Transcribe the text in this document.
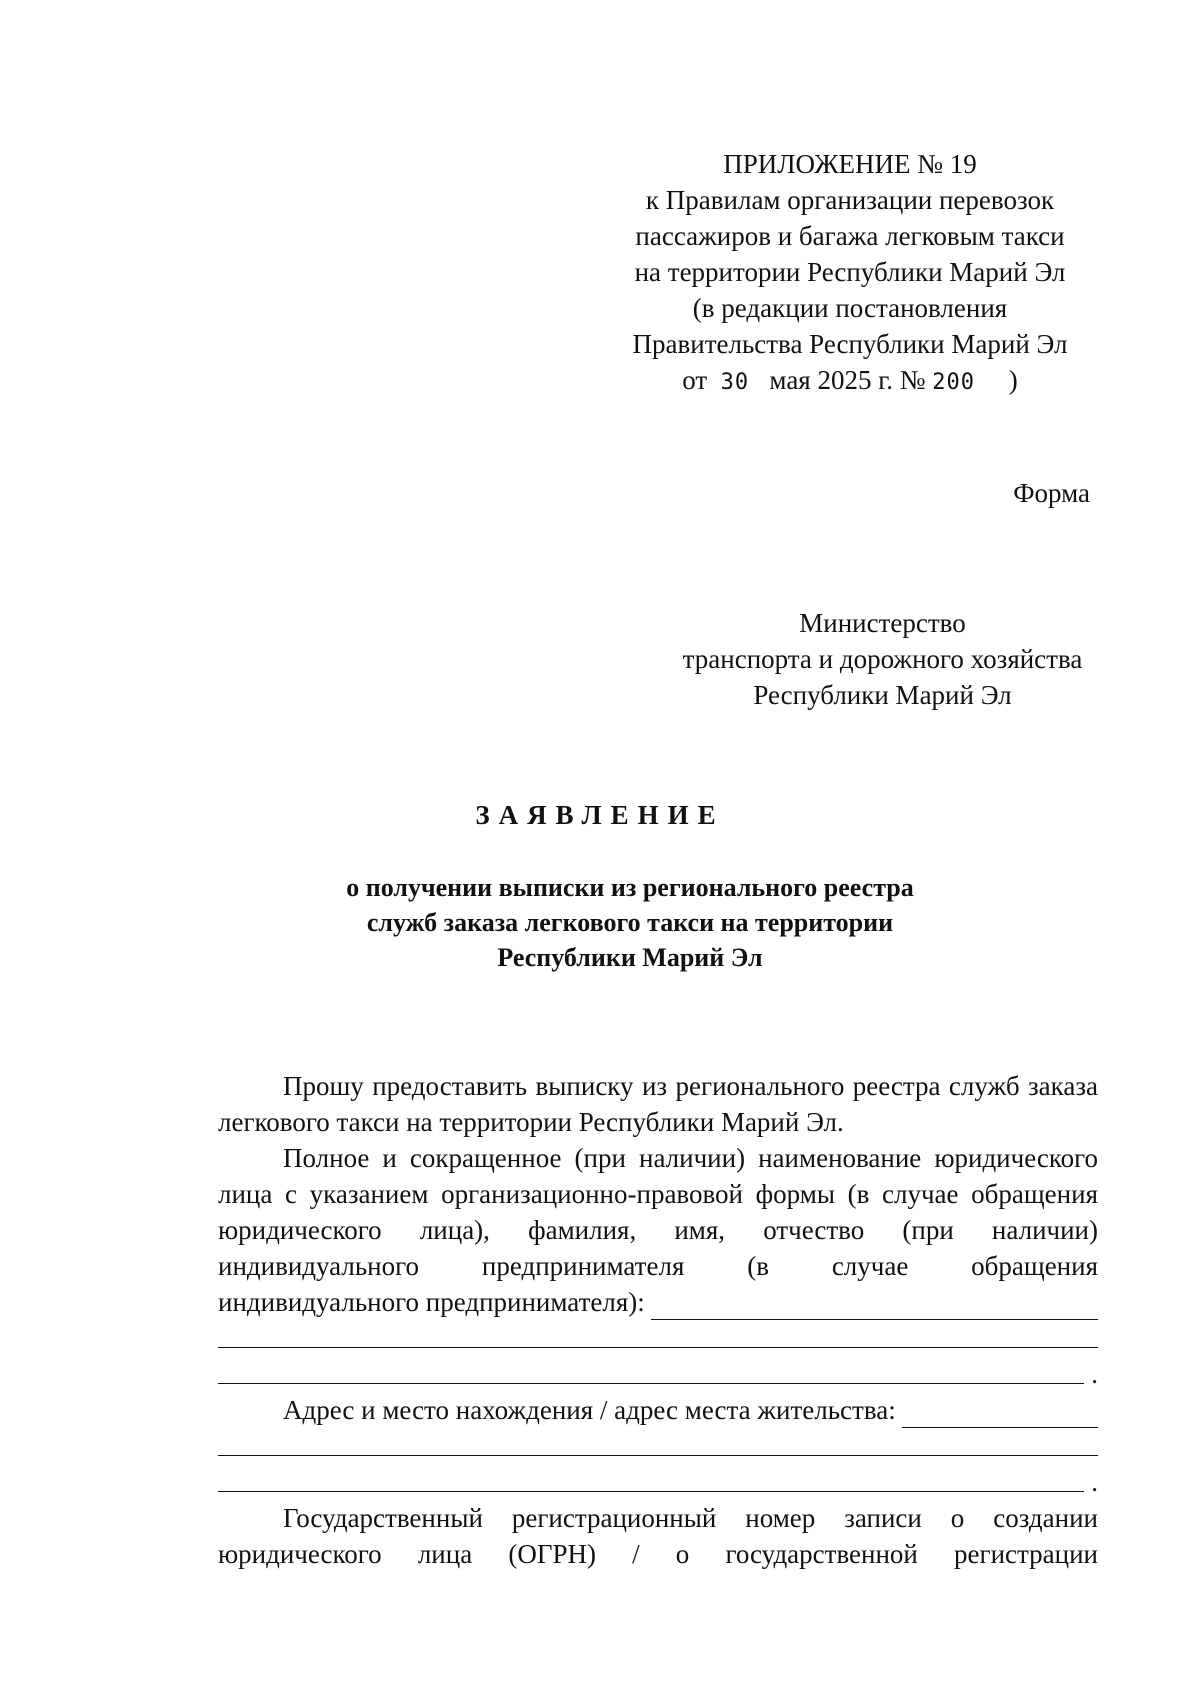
ПРИЛОЖЕНИЕ № 19
к Правилам организации перевозок
пассажиров и багажа легковым такси
на территории Республики Марий Эл
(в редакции постановления
Правительства Республики Марий Эл
от 30 мая 2025 г. № 200 )
Форма
Министерство
транспорта и дорожного хозяйства
Республики Марий Эл
ЗАЯВЛЕНИЕ
о получении выписки из регионального реестра
служб заказа легкового такси на территории
Республики Марий Эл
Прошу предоставить выписку из регионального реестра служб заказа легкового такси на территории Республики Марий Эл.
Полное и сокращенное (при наличии) наименование юридического лица с указанием организационно-правовой формы (в случае обращения юридического лица), фамилия, имя, отчество (при наличии) индивидуального предпринимателя (в случае обращения
индивидуального предпринимателя):
.
Адрес и место нахождения / адрес места жительства:
.
Государственный регистрационный номер записи о создании
юридического лица (ОГРН) / о государственной регистрации
